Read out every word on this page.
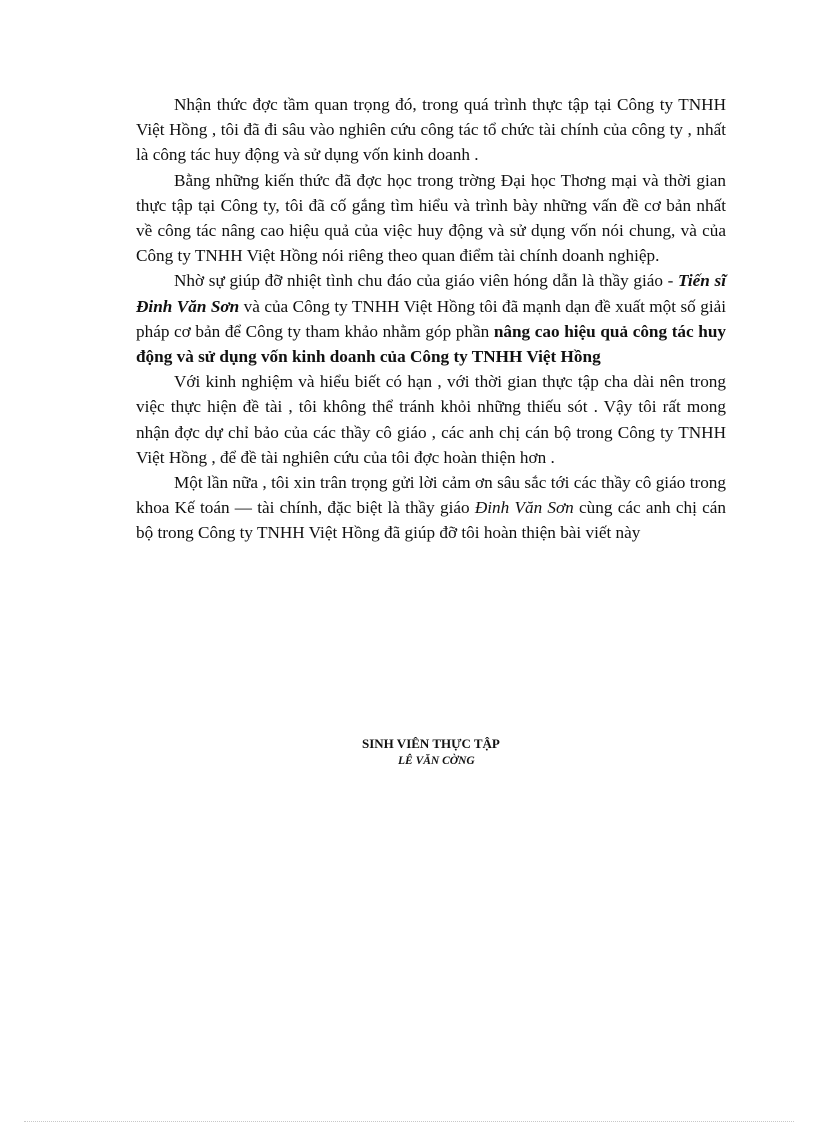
Nhận thức đợc tầm quan trọng đó, trong quá trình thực tập tại Công ty TNHH Việt Hồng , tôi đã đi sâu vào nghiên cứu công tác tổ chức tài chính của công ty , nhất là công tác huy động và sử dụng vốn kinh doanh .

Bằng những kiến thức đã đợc học trong trờng Đại học Thơng mại và thời gian thực tập tại Công ty, tôi đã cố gắng tìm hiểu và trình bày những vấn đề cơ bản nhất về công tác nâng cao hiệu quả của việc huy động và sử dụng vốn nói chung, và của Công ty TNHH Việt Hồng nói riêng theo quan điểm tài chính doanh nghiệp.

Nhờ sự giúp đỡ nhiệt tình chu đáo của giáo viên hóng dẫn là thầy giáo - Tiến sĩ Đinh Văn Sơn và của Công ty TNHH Việt Hồng tôi đã mạnh dạn đề xuất một số giải pháp cơ bản để Công ty tham khảo nhằm góp phần nâng cao hiệu quả công tác huy động và sử dụng vốn kinh doanh của Công ty TNHH Việt Hồng

Với kinh nghiệm và hiểu biết có hạn , với thời gian thực tập cha dài nên trong việc thực hiện đề tài , tôi không thể tránh khỏi những thiếu sót . Vậy tôi rất mong nhận đợc dự chỉ bảo của các thầy cô giáo , các anh chị cán bộ trong Công ty TNHH Việt Hồng , để đề tài nghiên cứu của tôi đợc hoàn thiện hơn .

Một lần nữa , tôi xin trân trọng gửi lời cảm ơn sâu sắc tới các thầy cô giáo trong khoa Kế toán — tài chính, đặc biệt là thầy giáo Đinh Văn Sơn cùng các anh chị cán bộ trong Công ty TNHH Việt Hồng đã giúp đỡ tôi hoàn thiện bài viết này

SINH VIÊN THỰC TẬP
LÊ VĂN CỜNG
